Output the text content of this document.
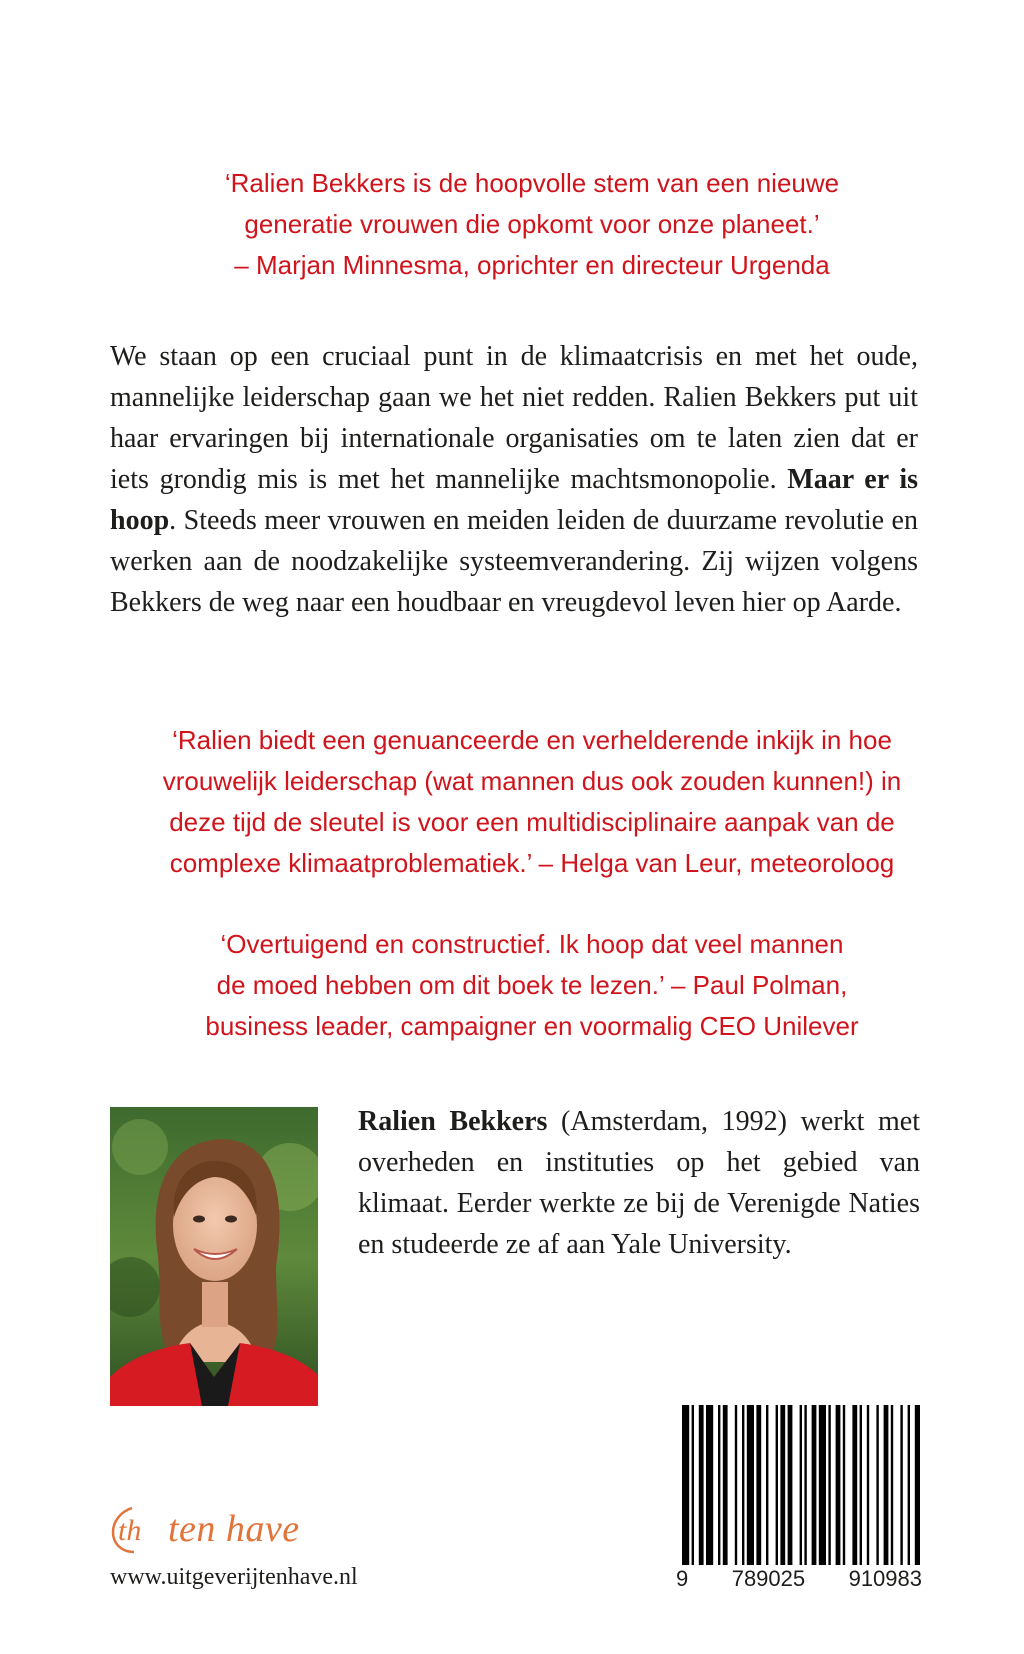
‘Ralien Bekkers is de hoopvolle stem van een nieuwe
generatie vrouwen die opkomt voor onze planeet.’
– Marjan Minnesma, oprichter en directeur Urgenda

We staan op een cruciaal punt in de klimaatcrisis en met het oude, mannelijke leiderschap gaan we het niet redden. Ralien Bekkers put uit haar ervaringen bij internationale organisaties om te laten zien dat er iets grondig mis is met het mannelijke machtsmonopolie. Maar er is hoop. Steeds meer vrouwen en meiden leiden de duurzame revolutie en werken aan de noodzakelijke systeemverandering. Zij wijzen volgens Bekkers de weg naar een houdbaar en vreugdevol leven hier op Aarde.

‘Ralien biedt een genuanceerde en verhelderende inkijk in hoe
vrouwelijk leiderschap (wat mannen dus ook zouden kunnen!) in
deze tijd de sleutel is voor een multidisciplinaire aanpak van de
complexe klimaatproblematiek.’ – Helga van Leur, meteoroloog
‘Overtuigend en constructief. Ik hoop dat veel mannen
de moed hebben om dit boek te lezen.’ – Paul Polman,
business leader, campaigner en voormalig CEO Unilever

Ralien Bekkers (Amsterdam, 1992) werkt met overheden en instituties op het gebied van klimaat. Eerder werkte ze bij de Verenigde Naties en studeerde ze af aan Yale University.

th ten have
www.uitgeverijtenhave.nl	9 789025 910983
